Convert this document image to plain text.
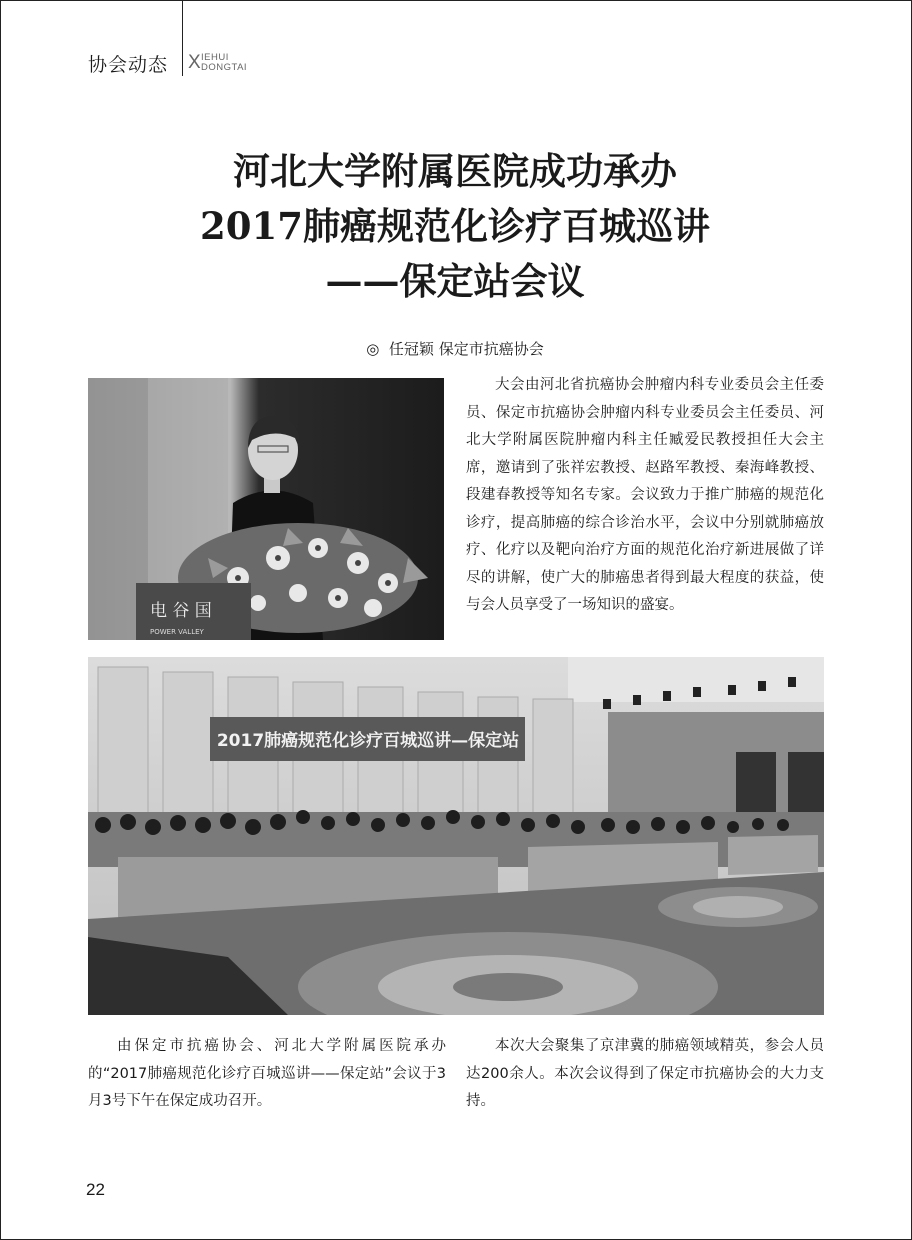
协会动态 X IEHUI
DONGTAI
河北大学附属医院成功承办
2017肺癌规范化诊疗百城巡讲
——保定站会议
◎ 任冠颖 保定市抗癌协会
电 谷 国
POWER VALLEY

大会由河北省抗癌协会肿瘤内科专业委员会主任委员、保定市抗癌协会肿瘤内科专业委员会主任委员、河北大学附属医院肿瘤内科主任臧爱民教授担任大会主席，邀请到了张祥宏教授、赵路军教授、秦海峰教授、段建春教授等知名专家。会议致力于推广肺癌的规范化诊疗，提高肺癌的综合诊治水平，会议中分别就肺癌放疗、化疗以及靶向治疗方面的规范化治疗新进展做了详尽的讲解，使广大的肺癌患者得到最大程度的获益，使与会人员享受了一场知识的盛宴。

2017肺癌规范化诊疗百城巡讲—保定站

由保定市抗癌协会、河北大学附属医院承办的“2017肺癌规范化诊疗百城巡讲——保定站”会议于3月3号下午在保定成功召开。

本次大会聚集了京津冀的肺癌领域精英，参会人员达200余人。本次会议得到了保定市抗癌协会的大力支持。

22
